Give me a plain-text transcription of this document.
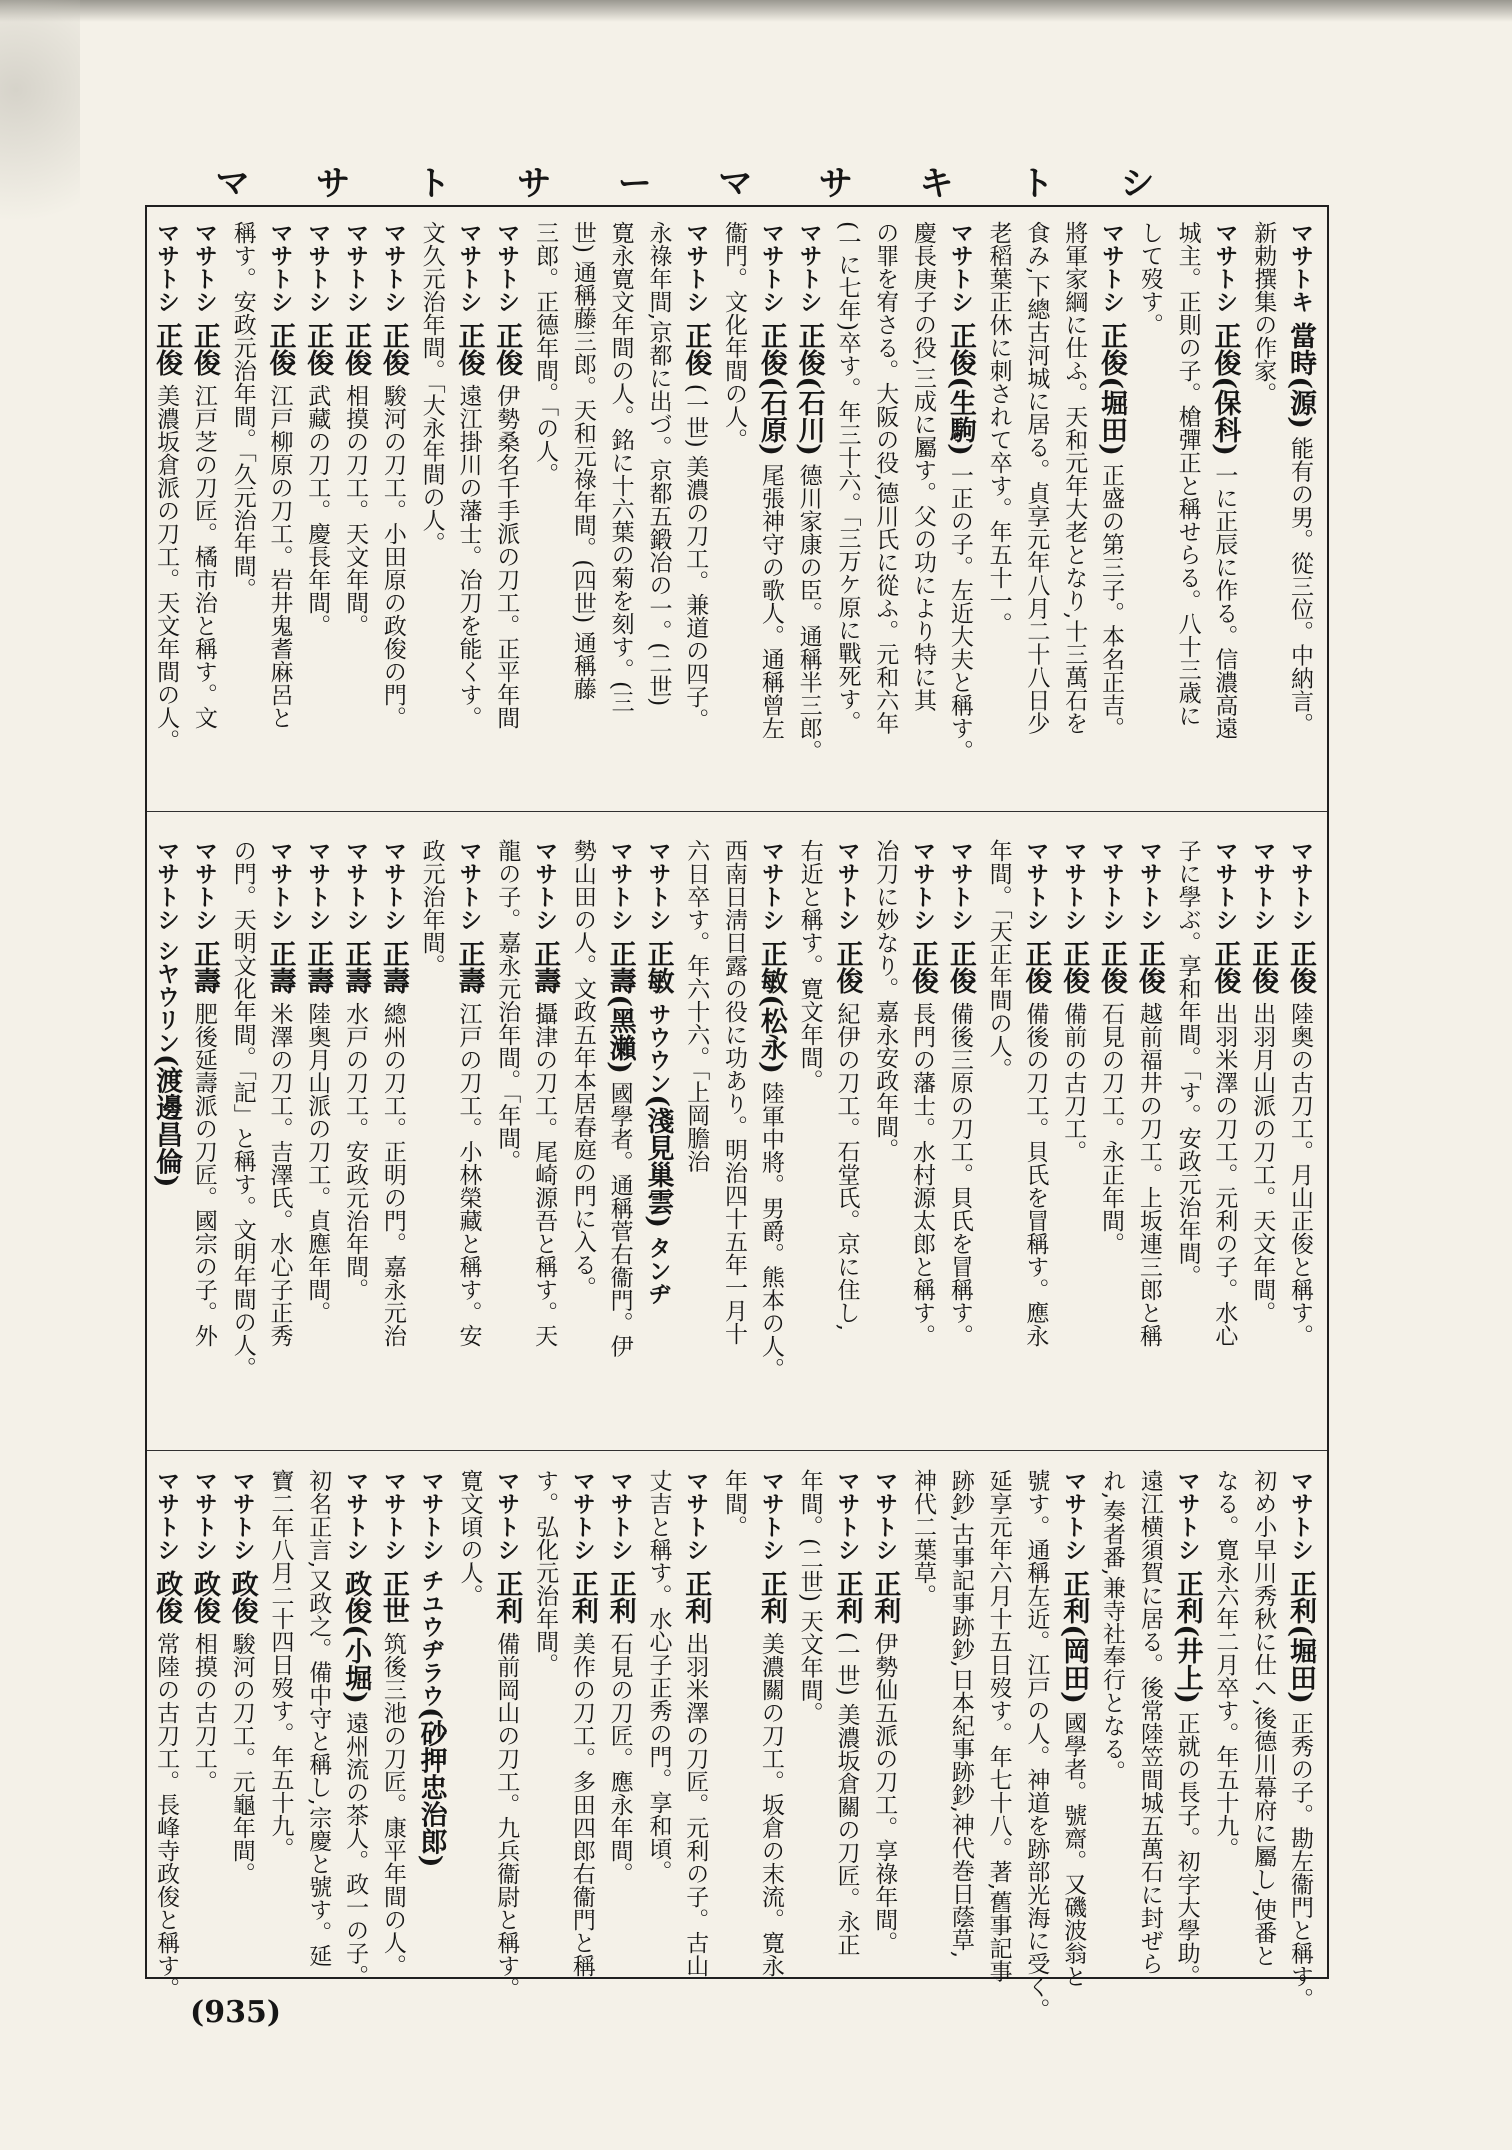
マ	サ	ト	サ	ー	マ	サ	キ	ト	シ
マサトキ 當時(源) 能有の男。從三位。中納言。
新勅撰集の作家。
マサトシ 正俊(保科) 一に正辰に作る。信濃高遠
城主。正則の子。槍彈正と稱せらる。八十三歳に
して歿す。
マサトシ 正俊(堀田) 正盛の第三子。本名正吉。
將軍家綱に仕ふ。天和元年大老となり,十三萬石を
食み,下總古河城に居る。貞享元年八月二十八日少
老稻葉正休に刺されて卒す。年五十一。
マサトシ 正俊(生駒) 一正の子。左近大夫と稱す。
慶長庚子の役,三成に屬す。父の功により特に其
の罪を宥さる。大阪の役,德川氏に從ふ。元和六年
(一に七年)卒す。年三十六。「三万ケ原に戰死す。
マサトシ 正俊(石川) 德川家康の臣。通稱半三郎。
マサトシ 正俊(石原) 尾張神守の歌人。通稱曾左
衞門。文化年間の人。
マサトシ 正俊 (一世) 美濃の刀工。兼道の四子。
永祿年間,京都に出づ。京都五鍛冶の一。(二世)
寛永寛文年間の人。銘に十六葉の菊を刻す。(三
世) 通稱藤三郎。天和元祿年間。(四世) 通稱藤
三郎。正德年間。「の人。
マサトシ 正俊 伊勢桑名千手派の刀工。正平年間
マサトシ 正俊 遠江掛川の藩士。冶刀を能くす。
文久元治年間。「大永年間の人。
マサトシ 正俊 駿河の刀工。小田原の政俊の門。
マサトシ 正俊 相摸の刀工。天文年間。
マサトシ 正俊 武藏の刀工。慶長年間。
マサトシ 正俊 江戸柳原の刀工。岩井鬼耆麻呂と
稱す。安政元治年間。「久元治年間。
マサトシ 正俊 江戸芝の刀匠。橘市治と稱す。文
マサトシ 正俊 美濃坂倉派の刀工。天文年間の人。
マサトシ 正俊 陸奥の古刀工。月山正俊と稱す。
マサトシ 正俊 出羽月山派の刀工。天文年間。
マサトシ 正俊 出羽米澤の刀工。元利の子。水心
子に學ぶ。享和年間。「す。安政元治年間。
マサトシ 正俊 越前福井の刀工。上坂連三郎と稱
マサトシ 正俊 石見の刀工。永正年間。
マサトシ 正俊 備前の古刀工。
マサトシ 正俊 備後の刀工。貝氏を冒稱す。應永
年間。「天正年間の人。
マサトシ 正俊 備後三原の刀工。貝氏を冒稱す。
マサトシ 正俊 長門の藩士。水村源太郎と稱す。
冶刀に妙なり。嘉永安政年間。
マサトシ 正俊 紀伊の刀工。石堂氏。京に住し,
右近と稱す。寛文年間。
マサトシ 正敏(松永) 陸軍中將。男爵。熊本の人。
西南日淸日露の役に功あり。明治四十五年一月十
六日卒す。年六十六。「上岡膽治
マサトシ 正敏 サウウン(淺見巢雲) タンヂ
マサトシ 正壽(黑瀨) 國學者。通稱菅右衞門。伊
勢山田の人。文政五年本居春庭の門に入る。
マサトシ 正壽 攝津の刀工。尾崎源吾と稱す。天
龍の子。嘉永元治年間。「年間。
マサトシ 正壽 江戸の刀工。小林榮藏と稱す。安
政元治年間。
マサトシ 正壽 總州の刀工。正明の門。嘉永元治
マサトシ 正壽 水戸の刀工。安政元治年間。
マサトシ 正壽 陸奥月山派の刀工。貞應年間。
マサトシ 正壽 米澤の刀工。吉澤氏。水心子正秀
の門。天明文化年間。「記」と稱す。文明年間の人。
マサトシ 正壽 肥後延壽派の刀匠。國宗の子。外
マサトシ シヤウリン(渡邊昌倫)
マサトシ 正利(堀田) 正秀の子。勘左衞門と稱す。
初め小早川秀秋に仕へ,後德川幕府に屬し,使番と
なる。寛永六年二月卒す。年五十九。
マサトシ 正利(井上) 正就の長子。初字大學助。
遠江横須賀に居る。後常陸笠間城五萬石に封ぜら
れ,奏者番,兼寺社奉行となる。
マサトシ 正利(岡田) 國學者。號齋。又磯波翁と
號す。通稱左近。江戸の人。神道を跡部光海に受く。
延享元年六月十五日歿す。年七十八。著,舊事記事
跡鈔,古事記事跡鈔,日本紀事跡鈔,神代巻日蔭草,
神代二葉草。
マサトシ 正利 伊勢仙五派の刀工。享祿年間。
マサトシ 正利 (一世) 美濃坂倉關の刀匠。永正
年間。(二世) 天文年間。
マサトシ 正利 美濃關の刀工。坂倉の末流。寛永
年間。
マサトシ 正利 出羽米澤の刀匠。元利の子。古山
丈吉と稱す。水心子正秀の門。享和頃。
マサトシ 正利 石見の刀匠。應永年間。
マサトシ 正利 美作の刀工。多田四郎右衞門と稱
す。弘化元治年間。
マサトシ 正利 備前岡山の刀工。九兵衞尉と稱す。
寛文頃の人。
マサトシ チユウヂラウ(砂押忠治郎)
マサトシ 正世 筑後三池の刀匠。康平年間の人。
マサトシ 政俊(小堀) 遠州流の茶人。政一の子。
初名正言,又政之。備中守と稱し,宗慶と號す。延
寶二年八月二十四日歿す。年五十九。
マサトシ 政俊 駿河の刀工。元龜年間。
マサトシ 政俊 相摸の古刀工。
マサトシ 政俊 常陸の古刀工。長峰寺政俊と稱す。
(935)
